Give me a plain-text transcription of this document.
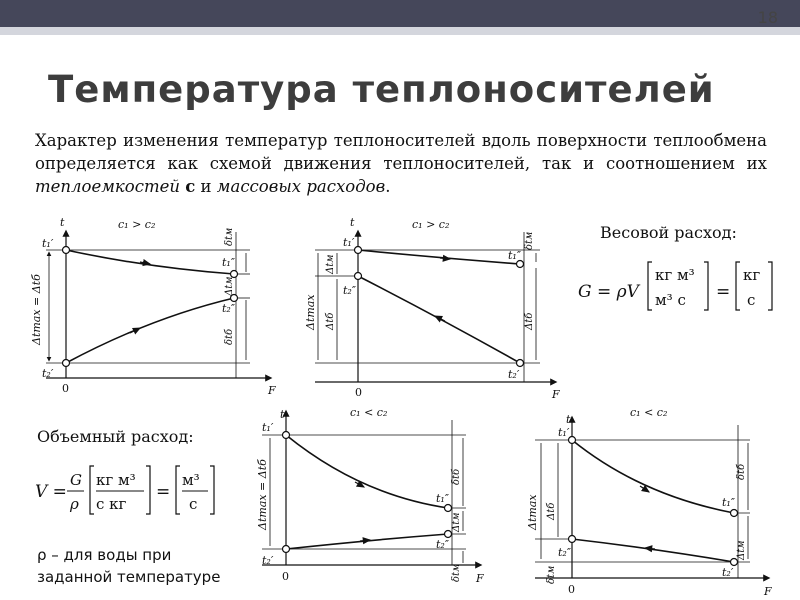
18
Температура теплоносителей
Характер изменения температур теплоносителей вдоль поверхности теплообмена определяется как схемой движения теплоносителей, так и соотношением их теплоемкостей с и массовых расходов.
Весовой расход:
Объемный расход:
ρ – для воды при
заданной температуре
t
F
0
c₁ > c₂
t₁′
t₂′
t₁″
t₂″
Δtmax = Δtб
δtм
Δtм
δtб
t
F
0
c₁ > c₂
t₁′
t₂″
t₁″
t₂′
Δtmax
Δtм
Δtб
δtм
Δtб
t
F
0
c₁ < c₂
t₁′
t₂′
t₁″
t₂″
Δtmax = Δtб	δtб
Δtм
δtм
t
F
0
c₁ < c₂
t₁′
t₂″
t₁″
t₂′
Δtmax Δtб
δtм
δtб
Δtм
G = ρV
кг м³
м³ с =
кг
с
V =
G
ρ
кг м³
с кг
=
м³
с
